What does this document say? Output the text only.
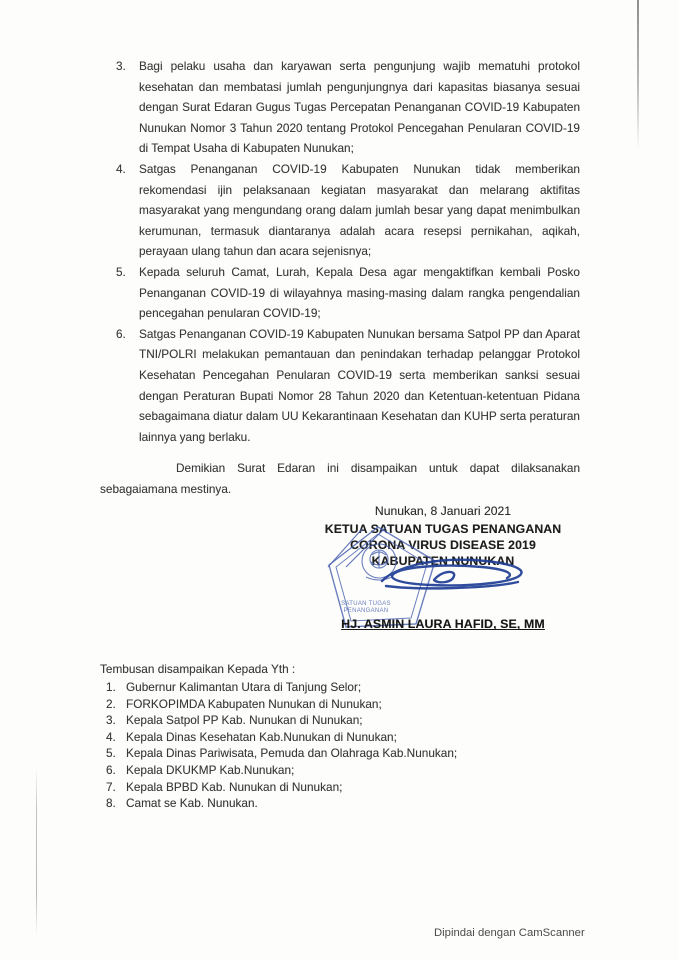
3.	Bagi pelaku usaha dan karyawan serta pengunjung wajib mematuhi protokol kesehatan dan membatasi jumlah pengunjungnya dari kapasitas biasanya sesuai dengan Surat Edaran Gugus Tugas Percepatan Penanganan COVID-19 Kabupaten Nunukan Nomor 3 Tahun 2020 tentang Protokol Pencegahan Penularan COVID-19 di Tempat Usaha di Kabupaten Nunukan;
4.	Satgas Penanganan COVID-19 Kabupaten Nunukan tidak memberikan rekomendasi ijin pelaksanaan kegiatan masyarakat dan melarang aktifitas masyarakat yang mengundang orang dalam jumlah besar yang dapat menimbulkan kerumunan, termasuk diantaranya adalah acara resepsi pernikahan, aqikah, perayaan ulang tahun dan acara sejenisnya;
5.	Kepada seluruh Camat, Lurah, Kepala Desa agar mengaktifkan kembali Posko Penanganan COVID-19 di wilayahnya masing-masing dalam rangka pengendalian pencegahan penularan COVID-19;
6.	Satgas Penanganan COVID-19 Kabupaten Nunukan bersama Satpol PP dan Aparat TNI/POLRI melakukan pemantauan dan penindakan terhadap pelanggar Protokol Kesehatan Pencegahan Penularan COVID-19 serta memberikan sanksi sesuai dengan Peraturan Bupati Nomor 28 Tahun 2020 dan Ketentuan-ketentuan Pidana sebagaimana diatur dalam UU Kekarantinaan Kesehatan dan KUHP serta peraturan lainnya yang berlaku.

Demikian Surat Edaran ini disampaikan untuk dapat dilaksanakan sebagaiamana mestinya.

Nunukan, 8 Januari 2021
KETUA SATUAN TUGAS PENANGANAN
CORONA VIRUS DISEASE 2019
KABUPATEN NUNUKAN
SATUAN TUGAS
PENANGANAN
HJ. ASMIN LAURA HAFID, SE, MM
Tembusan disampaikan Kepada Yth :
1. Gubernur Kalimantan Utara di Tanjung Selor;
2. FORKOPIMDA Kabupaten Nunukan di Nunukan;
3. Kepala Satpol PP Kab. Nunukan di Nunukan;
4. Kepala Dinas Kesehatan Kab.Nunukan di Nunukan;
5. Kepala Dinas Pariwisata, Pemuda dan Olahraga Kab.Nunukan;
6. Kepala DKUKMP Kab.Nunukan;
7. Kepala BPBD Kab. Nunukan di Nunukan;
8. Camat se Kab. Nunukan.
Dipindai dengan CamScanner
